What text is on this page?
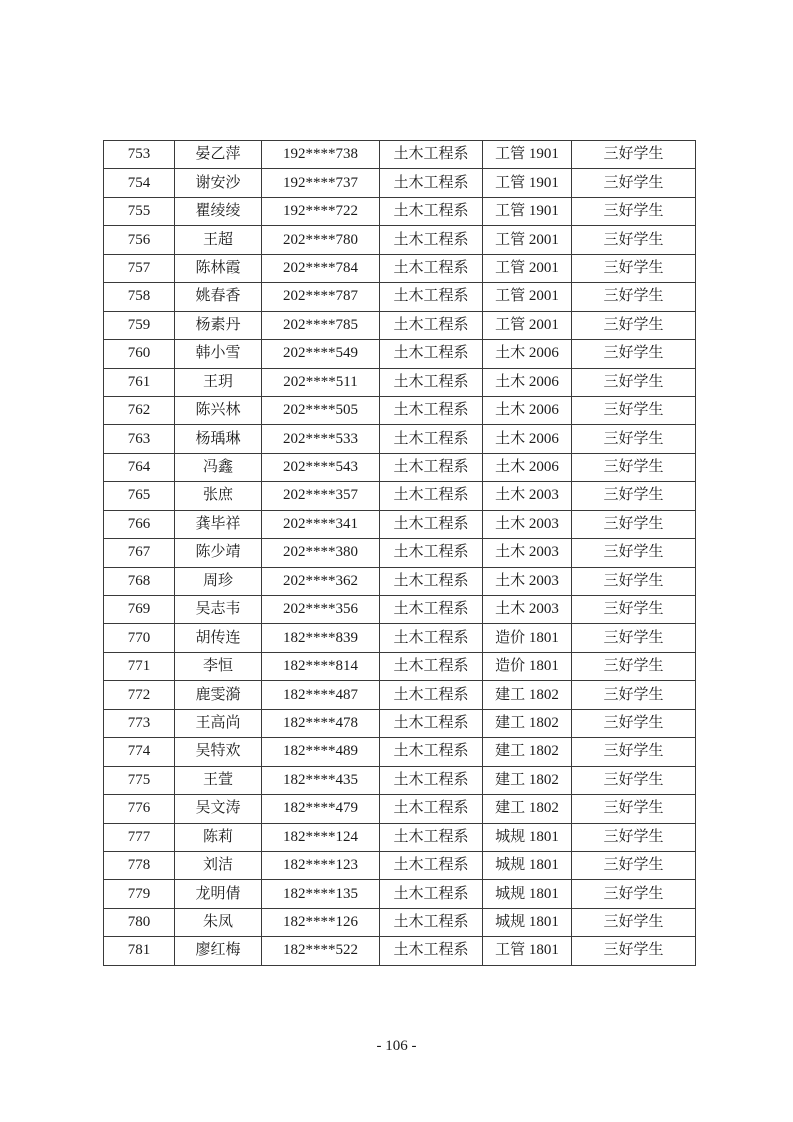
753	晏乙萍	192****738	土木工程系	工管 1901	三好学生
754	谢安沙	192****737	土木工程系	工管 1901	三好学生
755	瞿绫绫	192****722	土木工程系	工管 1901	三好学生
756	王超	202****780	土木工程系	工管 2001	三好学生
757	陈林霞	202****784	土木工程系	工管 2001	三好学生
758	姚春香	202****787	土木工程系	工管 2001	三好学生
759	杨素丹	202****785	土木工程系	工管 2001	三好学生
760	韩小雪	202****549	土木工程系	土木 2006	三好学生
761	王玥	202****511	土木工程系	土木 2006	三好学生
762	陈兴林	202****505	土木工程系	土木 2006	三好学生
763	杨瑀琳	202****533	土木工程系	土木 2006	三好学生
764	冯鑫	202****543	土木工程系	土木 2006	三好学生
765	张庶	202****357	土木工程系	土木 2003	三好学生
766	龚毕祥	202****341	土木工程系	土木 2003	三好学生
767	陈少靖	202****380	土木工程系	土木 2003	三好学生
768	周珍	202****362	土木工程系	土木 2003	三好学生
769	吴志韦	202****356	土木工程系	土木 2003	三好学生
770	胡传连	182****839	土木工程系	造价 1801	三好学生
771	李恒	182****814	土木工程系	造价 1801	三好学生
772	鹿雯漪	182****487	土木工程系	建工 1802	三好学生
773	王高尚	182****478	土木工程系	建工 1802	三好学生
774	吴特欢	182****489	土木工程系	建工 1802	三好学生
775	王萱	182****435	土木工程系	建工 1802	三好学生
776	吴文涛	182****479	土木工程系	建工 1802	三好学生
777	陈莉	182****124	土木工程系	城规 1801	三好学生
778	刘洁	182****123	土木工程系	城规 1801	三好学生
779	龙明倩	182****135	土木工程系	城规 1801	三好学生
780	朱凤	182****126	土木工程系	城规 1801	三好学生
781	廖红梅	182****522	土木工程系	工管 1801	三好学生
- 106 -
